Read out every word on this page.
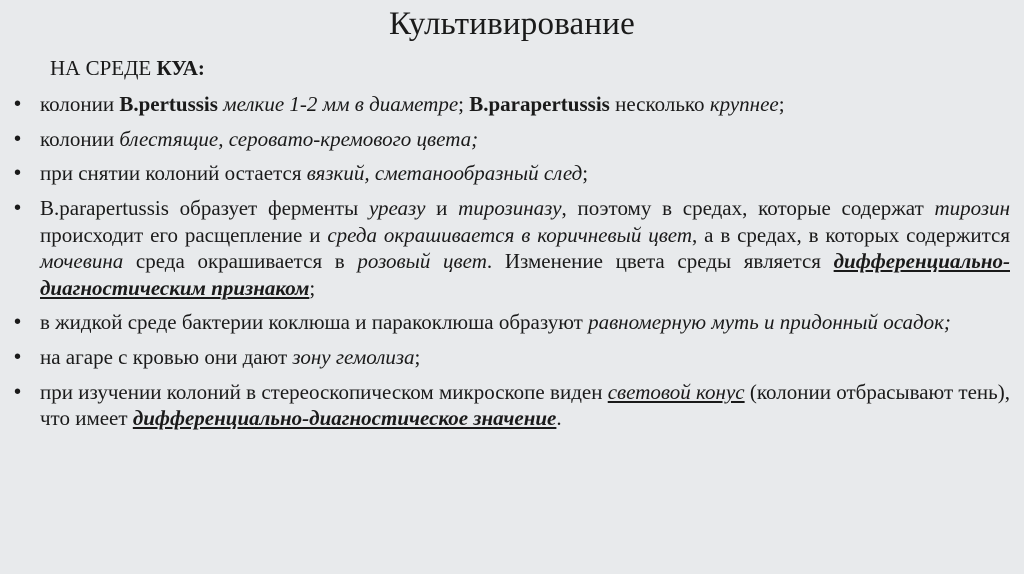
Культивирование
НА СРЕДЕ КУА:
• колонии B.pertussis мелкие 1-2 мм в диаметре; B.parapertussis несколько крупнее;
• колонии блестящие, серовато-кремового цвета;
• при снятии колоний остается вязкий, сметанообразный след;
• B.parapertussis образует ферменты уреазу и тирозиназу, поэтому в средах, которые содержат тирозин происходит его расщепление и среда окрашивается в коричневый цвет, а в средах, в которых содержится мочевина среда окрашивается в розовый цвет. Изменение цвета среды является дифференциально-диагностическим признаком;
• в жидкой среде бактерии коклюша и паракоклюша образуют равномерную муть и придонный осадок;
• на агаре с кровью они дают зону гемолиза;
• при изучении колоний в стереоскопическом микроскопе виден световой конус (колонии отбрасывают тень), что имеет дифференциально-диагностическое значение.
